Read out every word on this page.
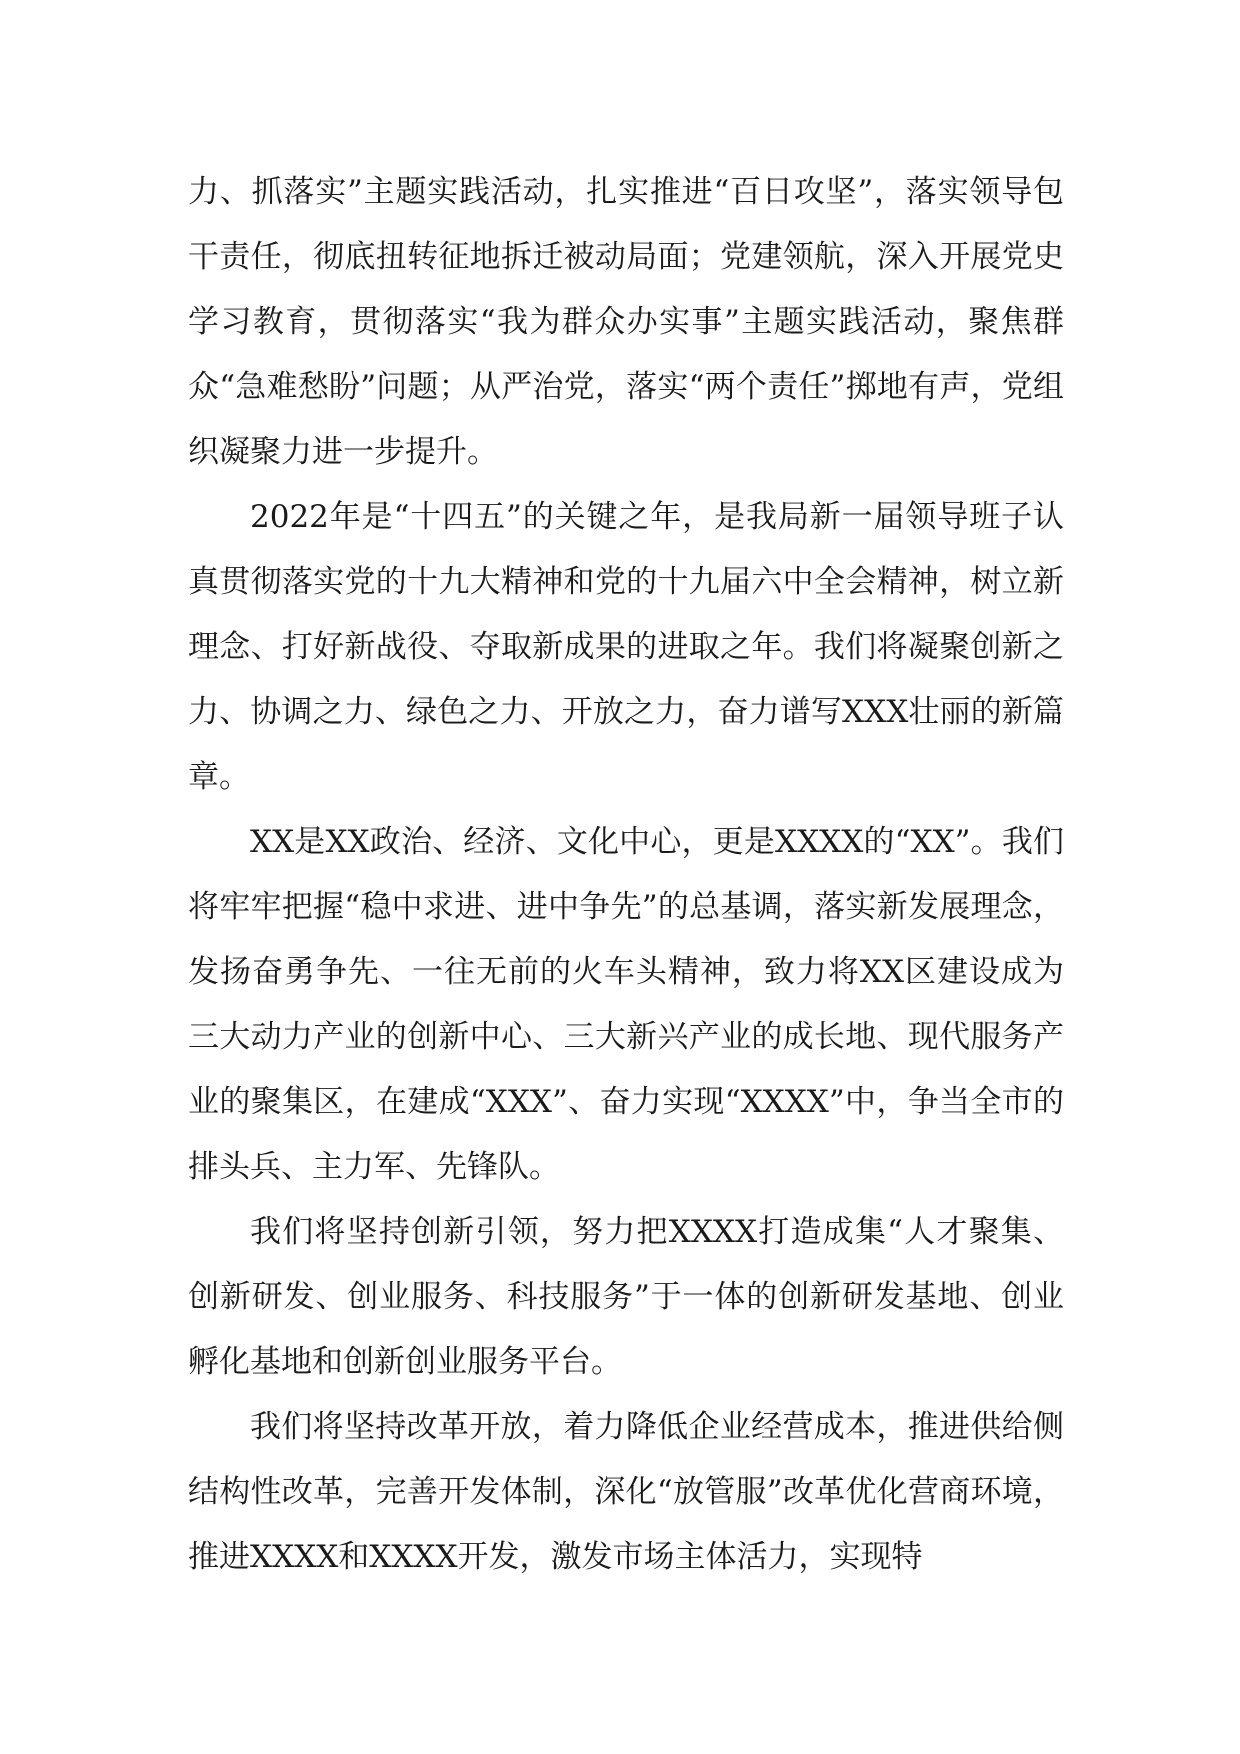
力、抓落实”主题实践活动，扎实推进“百日攻坚”，落实领导包干责任，彻底扭转征地拆迁被动局面；党建领航，深入开展党史学习教育，贯彻落实“我为群众办实事”主题实践活动，聚焦群众“急难愁盼”问题；从严治党，落实“两个责任”掷地有声，党组织凝聚力进一步提升。

2022年是“十四五”的关键之年，是我局新一届领导班子认真贯彻落实党的十九大精神和党的十九届六中全会精神，树立新理念、打好新战役、夺取新成果的进取之年。我们将凝聚创新之力、协调之力、绿色之力、开放之力，奋力谱写XXX壮丽的新篇章。

XX是XX政治、经济、文化中心，更是XXXX的“XX”。我们将牢牢把握“稳中求进、进中争先”的总基调，落实新发展理念，发扬奋勇争先、一往无前的火车头精神，致力将XX区建设成为三大动力产业的创新中心、三大新兴产业的成长地、现代服务产业的聚集区，在建成“XXX”、奋力实现“XXXX”中，争当全市的排头兵、主力军、先锋队。

我们将坚持创新引领，努力把XXXX打造成集“人才聚集、创新研发、创业服务、科技服务”于一体的创新研发基地、创业孵化基地和创新创业服务平台。

我们将坚持改革开放，着力降低企业经营成本，推进供给侧结构性改革，完善开发体制，深化“放管服”改革优化营商环境，推进XXXX和XXXX开发，激发市场主体活力，实现特
